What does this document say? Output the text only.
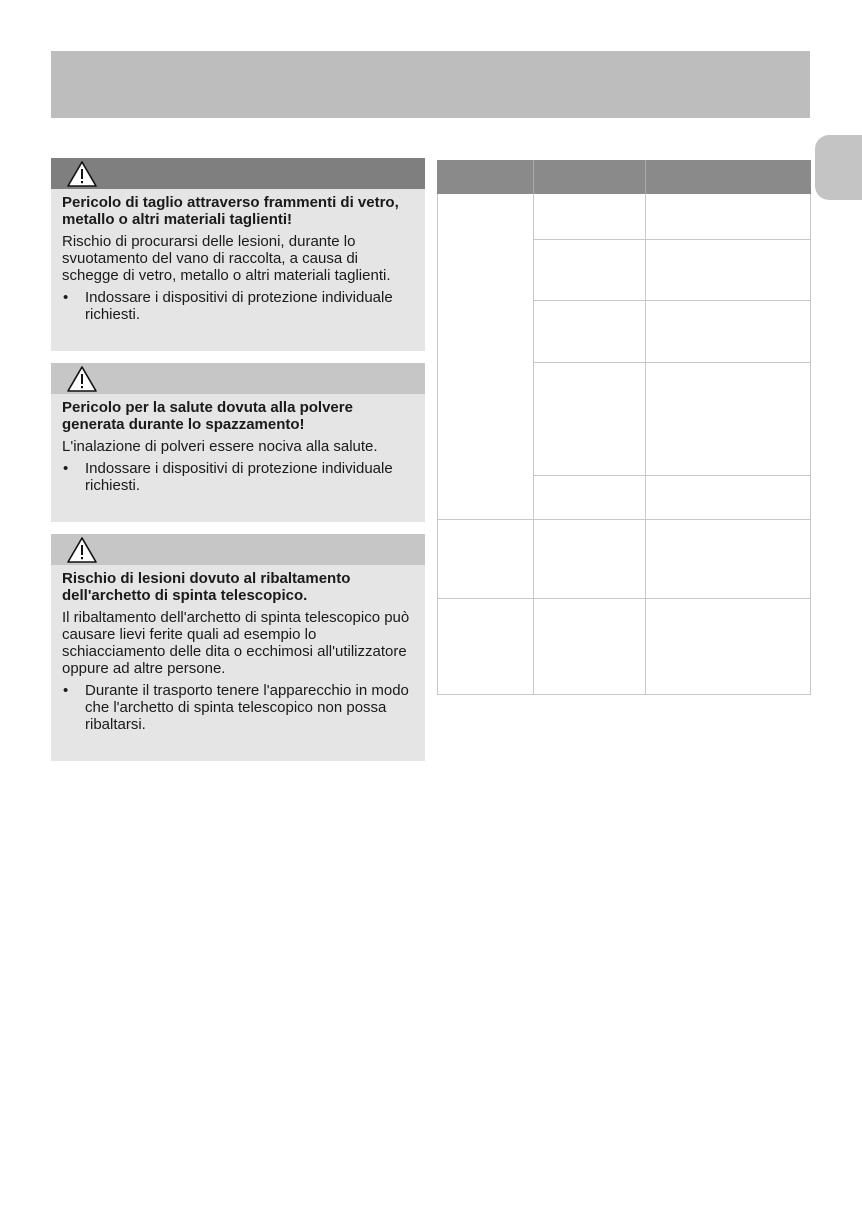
Pericolo di taglio attraverso frammenti di vetro, metallo o altri materiali taglienti!

Rischio di procurarsi delle lesioni, durante lo svuotamento del vano di raccolta, a causa di schegge di vetro, metallo o altri materiali taglienti.

• Indossare i dispositivi di protezione individuale richiesti.

Pericolo per la salute dovuta alla polvere generata durante lo spazzamento!

L'inalazione di polveri essere nociva alla salute.

• Indossare i dispositivi di protezione individuale richiesti.

Rischio di lesioni dovuto al ribaltamento dell'archetto di spinta telescopico.

Il ribaltamento dell'archetto di spinta telescopico può causare lievi ferite quali ad esempio lo schiacciamento delle dita o ecchimosi all'utilizzatore oppure ad altre persone.

• Durante il trasporto tenere l'apparecchio in modo che l'archetto di spinta telescopico non possa ribaltarsi.
